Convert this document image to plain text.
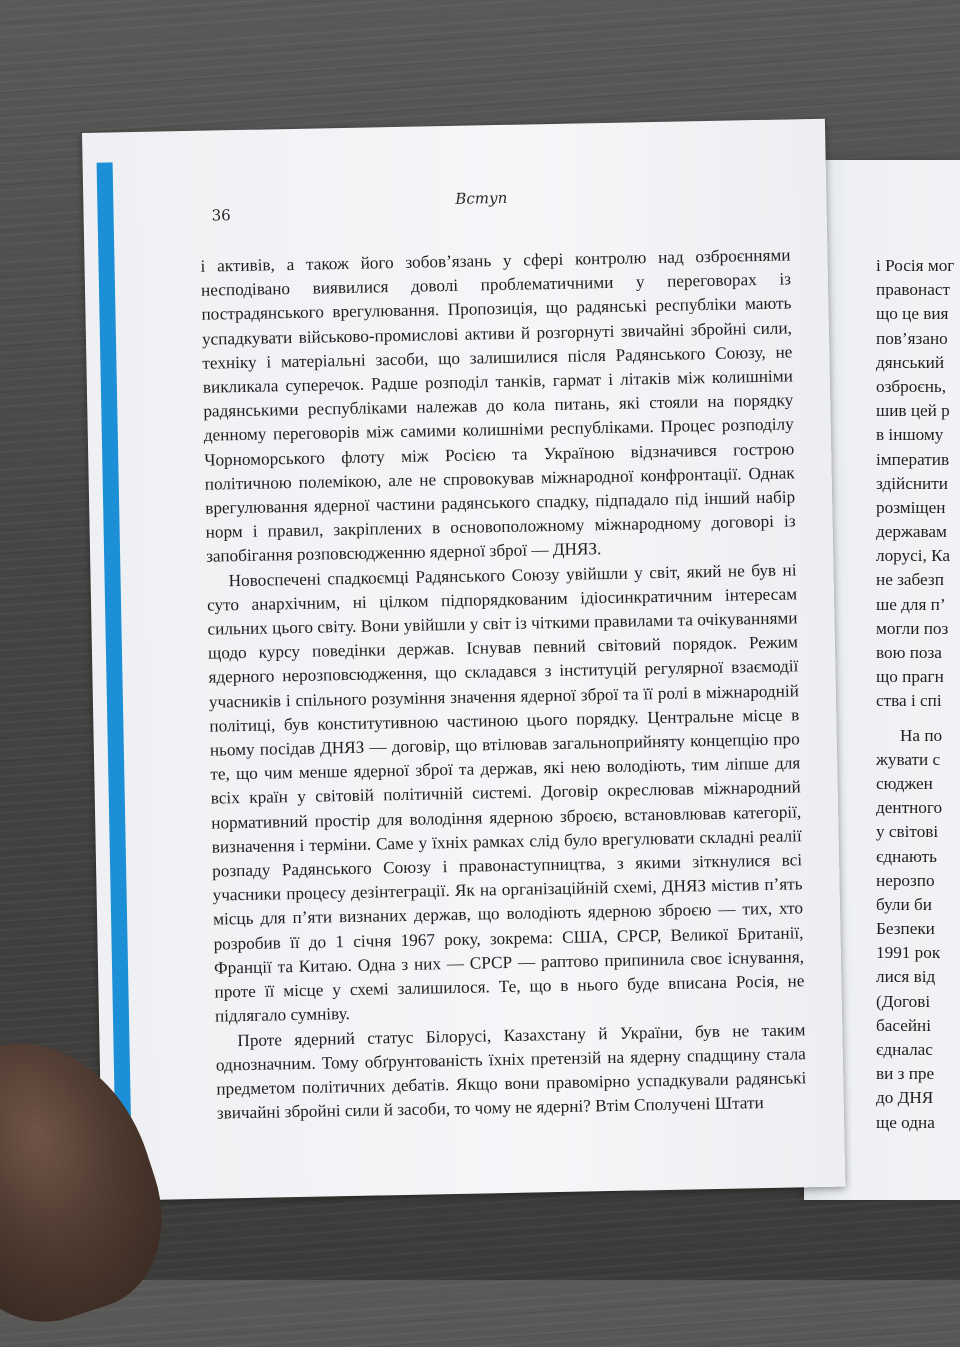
і Росія мог
правонаст
що це вия
пов’язано
дянський
озброєнь,
шив цей р
в іншому
імператив
здійснити
розміщен
державам
лорусі, Ка
не забезп
ше для п’
могли поз
вою поза
що прагн
ства і спі
На по
жувати с
сюджен
дентного
у світові
єднають
нерозпо
були би
Безпеки
1991 рок
лися від
(Догові
басейні
єдналас
ви з пре
до ДНЯ
ще одна
36
Вступ

і активів, а також його зобов’язань у сфері контролю над озброєннями несподівано виявилися доволі проблематичними у переговорах із пострадянського врегулювання. Пропозиція, що радянські республіки мають успадкувати військово-промислові активи й розгорнуті звичайні збройні сили, техніку і матеріальні засоби, що залишилися після Радянського Союзу, не викликала суперечок. Радше розподіл танків, гармат і літаків між колишніми радянськими республіками належав до кола питань, які стояли на порядку денному переговорів між самими колишніми республіками. Процес розподілу Чорноморського флоту між Росією та Україною відзначився гострою політичною полемікою, але не спровокував міжнародної конфронтації. Однак врегулювання ядерної частини радянського спадку, підпадало під інший набір норм і правил, закріплених в основоположному міжнародному договорі із запобігання розповсюдженню ядерної зброї — ДНЯЗ.

Новоспечені спадкоємці Радянського Союзу увійшли у світ, який не був ні суто анархічним, ні цілком підпорядкованим ідіосинкратичним інтересам сильних цього світу. Вони увійшли у світ із чіткими правилами та очікуваннями щодо курсу поведінки держав. Існував певний світовий порядок. Режим ядерного нерозповсюдження, що складався з інституцій регулярної взаємодії учасників і спільного розуміння значення ядерної зброї та її ролі в міжнародній політиці, був конститутивною частиною цього порядку. Центральне місце в ньому посідав ДНЯЗ — договір, що втілював загальноприйняту концепцію про те, що чим менше ядерної зброї та держав, які нею володіють, тим ліпше для всіх країн у світовій політичній системі. Договір окреслював міжнародний нормативний простір для володіння ядерною зброєю, встановлював категорії, визначення і терміни. Саме у їхніх рамках слід було врегулювати складні реалії розпаду Радянського Союзу і правонаступництва, з якими зіткнулися всі учасники процесу дезінтеграції. Як на організаційній схемі, ДНЯЗ містив п’ять місць для п’яти визнаних держав, що володіють ядерною зброєю — тих, хто розробив її до 1 січня 1967 року, зокрема: США, СРСР, Великої Британії, Франції та Китаю. Одна з них — СРСР — раптово припинила своє існування, проте її місце у схемі залишилося. Те, що в нього буде вписана Росія, не підлягало сумніву.

Проте ядерний статус Білорусі, Казахстану й України, був не таким однозначним. Тому обґрунтованість їхніх претензій на ядерну спадщину стала предметом політичних дебатів. Якщо вони правомірно успадкували радянські звичайні збройні сили й засоби, то чому не ядерні? Втім Сполучені Штати
